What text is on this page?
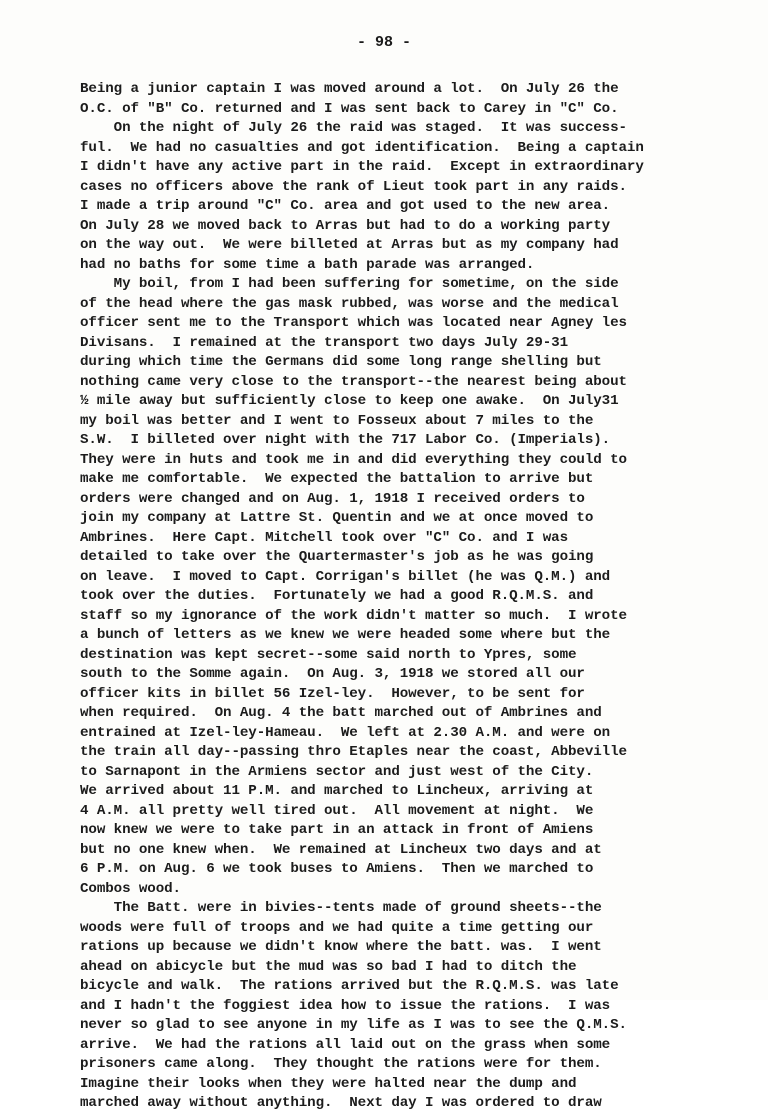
- 98 -
Being a junior captain I was moved around a lot.  On July 26 the
O.C. of "B" Co. returned and I was sent back to Carey in "C" Co.
On the night of July 26 the raid was staged.  It was success-
ful.  We had no casualties and got identification.  Being a captain
I didn't have any active part in the raid.  Except in extraordinary
cases no officers above the rank of Lieut took part in any raids.
I made a trip around "C" Co. area and got used to the new area.
On July 28 we moved back to Arras but had to do a working party
on the way out.  We were billeted at Arras but as my company had
had no baths for some time a bath parade was arranged.
My boil, from I had been suffering for sometime, on the side
of the head where the gas mask rubbed, was worse and the medical
officer sent me to the Transport which was located near Agney les
Divisans.  I remained at the transport two days July 29-31
during which time the Germans did some long range shelling but
nothing came very close to the transport--the nearest being about
½ mile away but sufficiently close to keep one awake.  On July31
my boil was better and I went to Fosseux about 7 miles to the
S.W.  I billeted over night with the 717 Labor Co. (Imperials).
They were in huts and took me in and did everything they could to
make me comfortable.  We expected the battalion to arrive but
orders were changed and on Aug. 1, 1918 I received orders to
join my company at Lattre St. Quentin and we at once moved to
Ambrines.  Here Capt. Mitchell took over "C" Co. and I was
detailed to take over the Quartermaster's job as he was going
on leave.  I moved to Capt. Corrigan's billet (he was Q.M.) and
took over the duties.  Fortunately we had a good R.Q.M.S. and
staff so my ignorance of the work didn't matter so much.  I wrote
a bunch of letters as we knew we were headed some where but the
destination was kept secret--some said north to Ypres, some
south to the Somme again.  On Aug. 3, 1918 we stored all our
officer kits in billet 56 Izel-ley.  However, to be sent for
when required.  On Aug. 4 the batt marched out of Ambrines and
entrained at Izel-ley-Hameau.  We left at 2.30 A.M. and were on
the train all day--passing thro Etaples near the coast, Abbeville
to Sarnapont in the Armiens sector and just west of the City.
We arrived about 11 P.M. and marched to Lincheux, arriving at
4 A.M. all pretty well tired out.  All movement at night.  We
now knew we were to take part in an attack in front of Amiens
but no one knew when.  We remained at Lincheux two days and at
6 P.M. on Aug. 6 we took buses to Amiens.  Then we marched to
Combos wood.
The Batt. were in bivies--tents made of ground sheets--the
woods were full of troops and we had quite a time getting our
rations up because we didn't know where the batt. was.  I went
ahead on abicycle but the mud was so bad I had to ditch the
bicycle and walk.  The rations arrived but the R.Q.M.S. was late
and I hadn't the foggiest idea how to issue the rations.  I was
never so glad to see anyone in my life as I was to see the Q.M.S.
arrive.  We had the rations all laid out on the grass when some
prisoners came along.  They thought the rations were for them.
Imagine their looks when they were halted near the dump and
marched away without anything.  Next day I was ordered to draw
